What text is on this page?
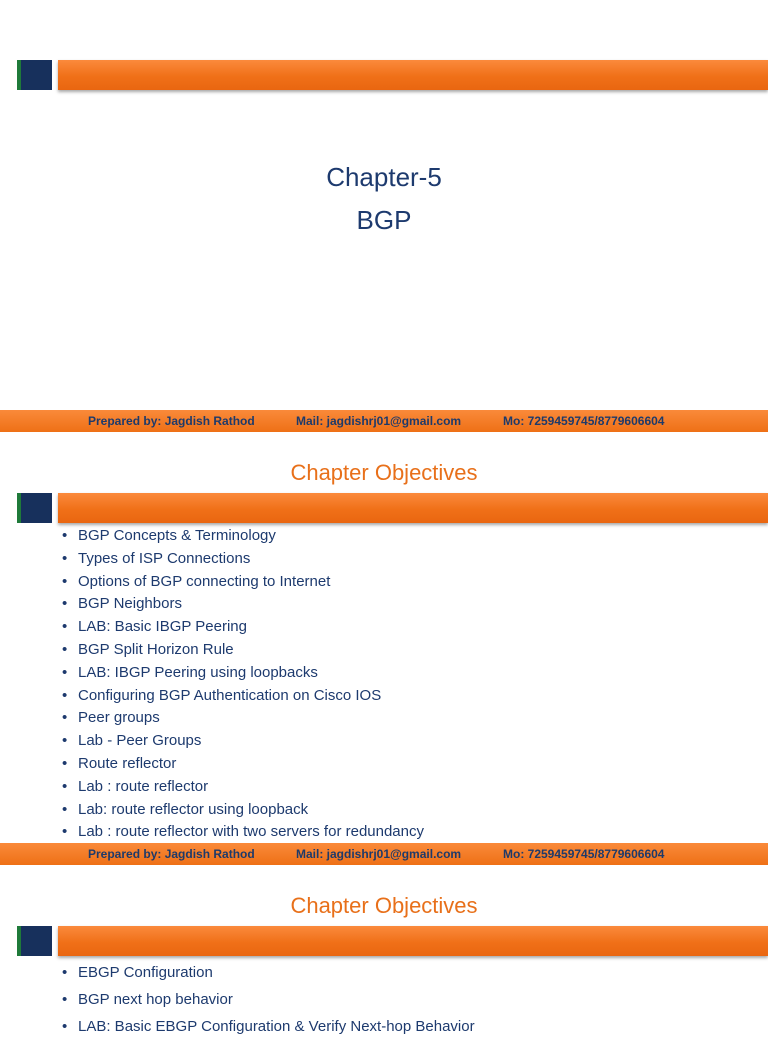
Chapter-5
BGP
Prepared by: Jagdish Rathod	Mail: jagdishrj01@gmail.com	Mo: 7259459745/8779606604
Chapter Objectives
• BGP Concepts & Terminology
• Types of ISP Connections
• Options of BGP connecting to Internet
• BGP Neighbors
• LAB: Basic IBGP Peering
• BGP Split Horizon Rule
• LAB: IBGP Peering using loopbacks
• Configuring BGP Authentication on Cisco IOS
• Peer groups
• Lab - Peer Groups
• Route reflector
• Lab : route reflector
• Lab: route reflector using loopback
• Lab : route reflector with two servers for redundancy
Prepared by: Jagdish Rathod	Mail: jagdishrj01@gmail.com	Mo: 7259459745/8779606604
Chapter Objectives
• EBGP Configuration
• BGP next hop behavior
• LAB: Basic EBGP Configuration & Verify Next-hop Behavior
